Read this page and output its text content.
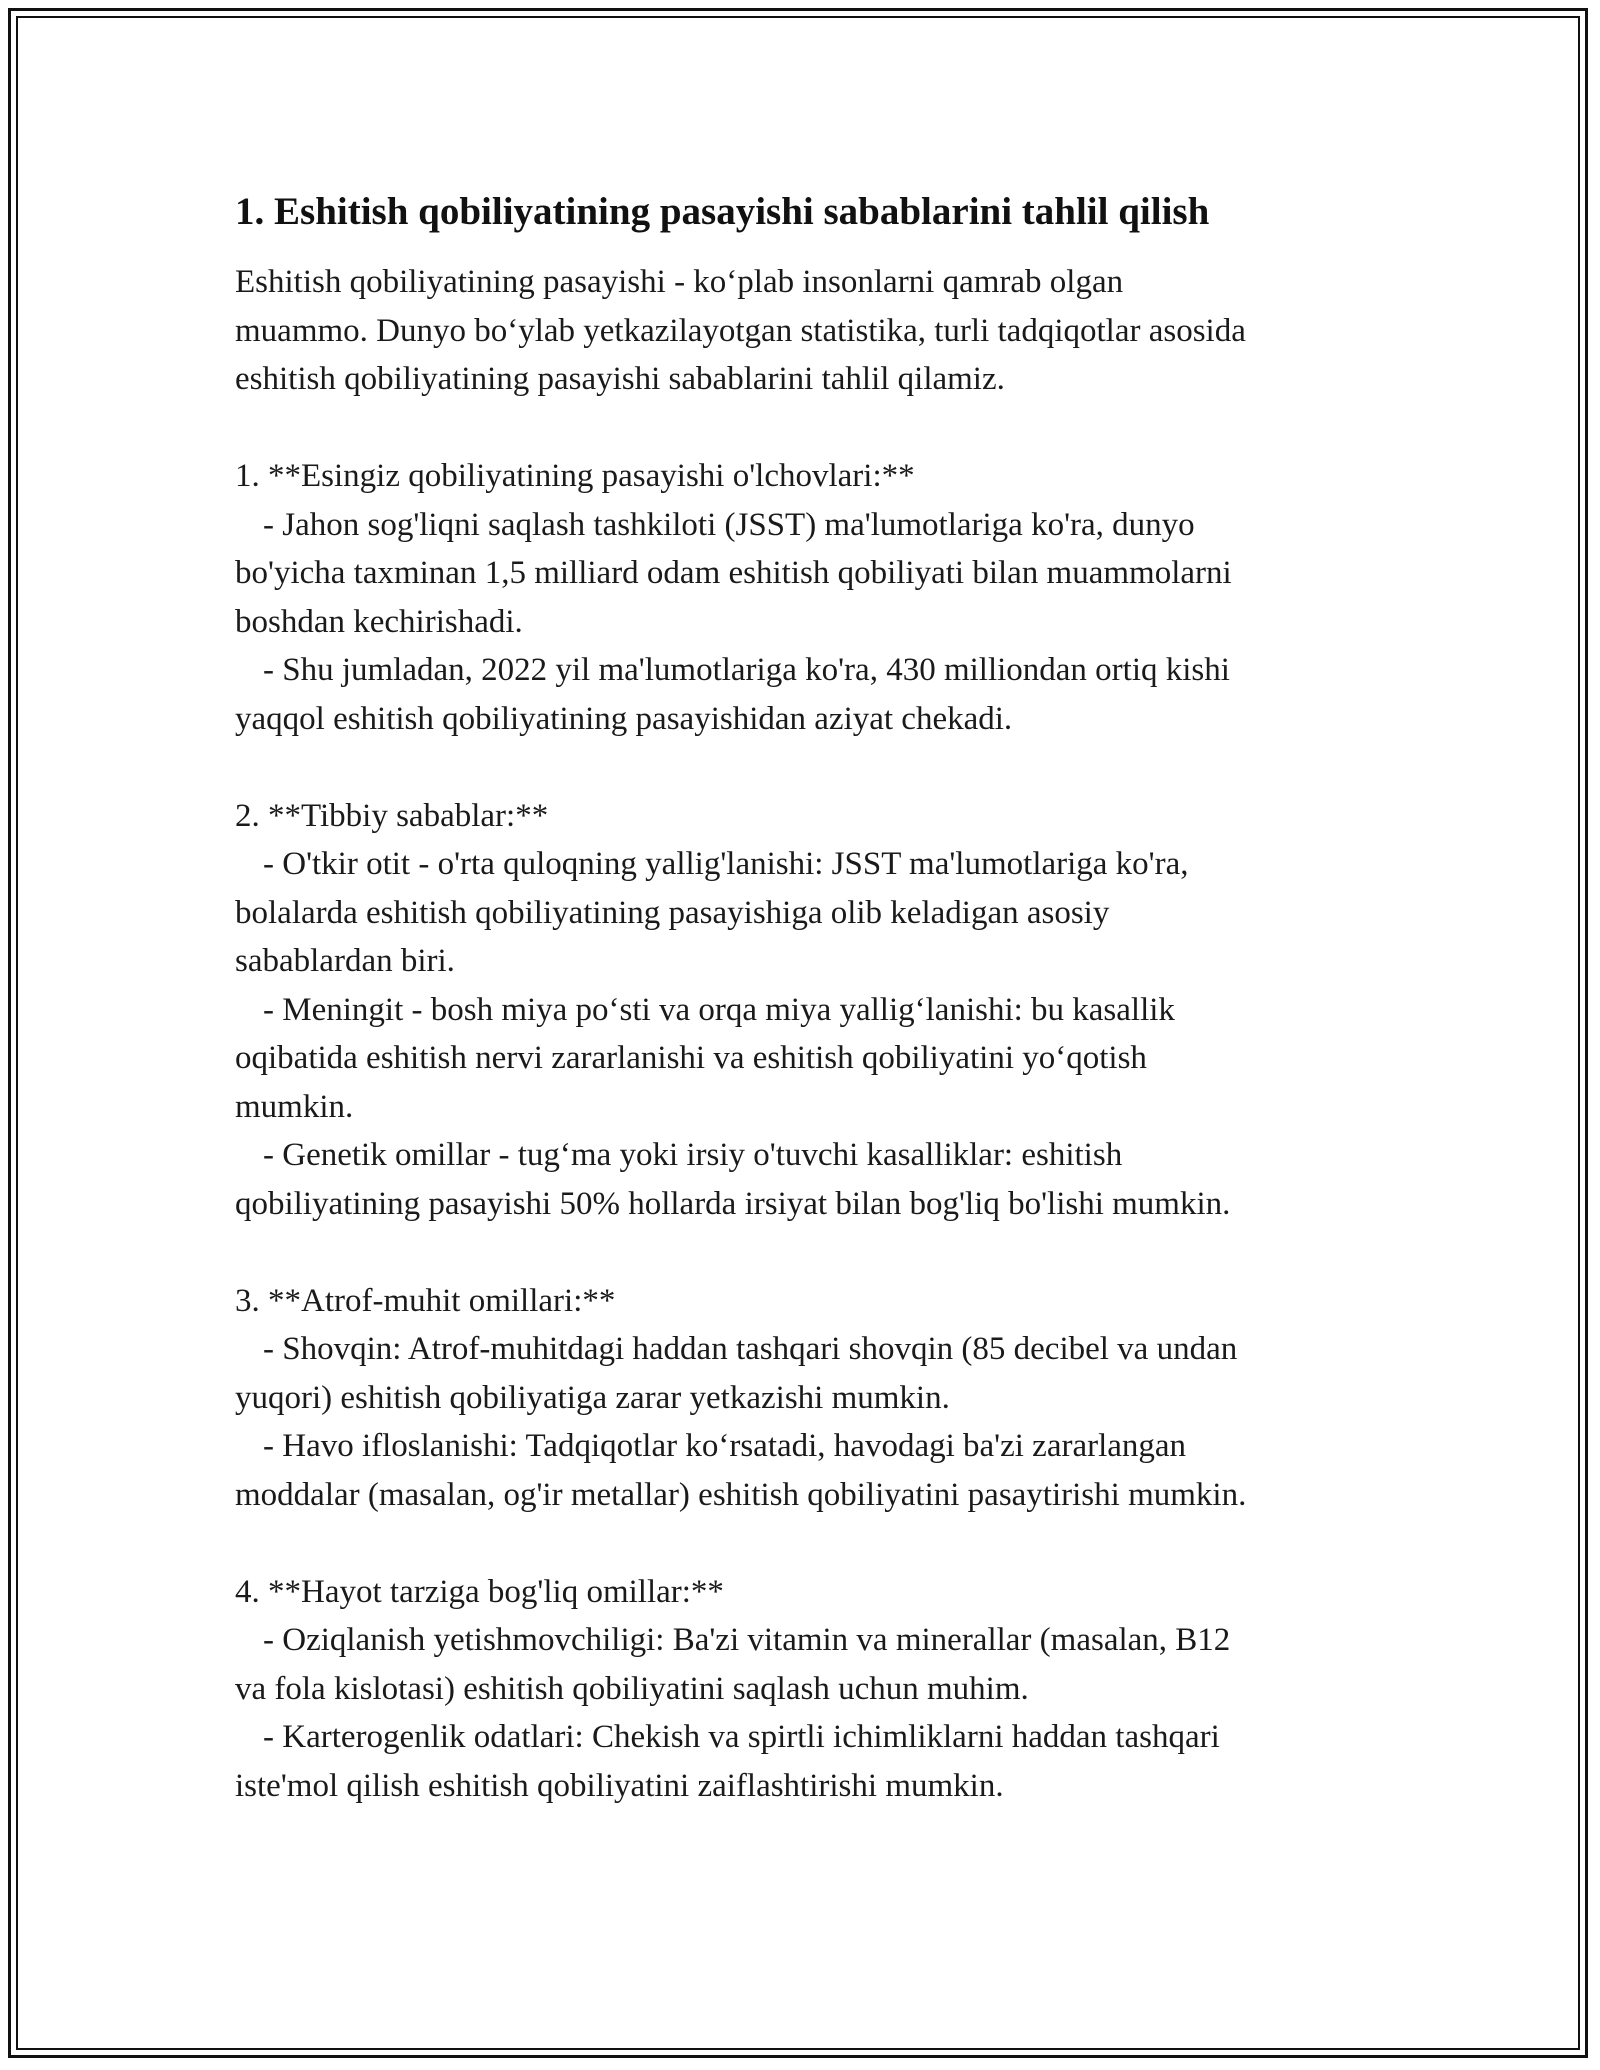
1. Eshitish qobiliyatining pasayishi sabablarini tahlil qilish

Eshitish qobiliyatining pasayishi - ko‘plab insonlarni qamrab olgan

muammo. Dunyo bo‘ylab yetkazilayotgan statistika, turli tadqiqotlar asosida

eshitish qobiliyatining pasayishi sabablarini tahlil qilamiz.

1. **Esingiz qobiliyatining pasayishi o'lchovlari:**

- Jahon sog'liqni saqlash tashkiloti (JSST) ma'lumotlariga ko'ra, dunyo

bo'yicha taxminan 1,5 milliard odam eshitish qobiliyati bilan muammolarni

boshdan kechirishadi.

- Shu jumladan, 2022 yil ma'lumotlariga ko'ra, 430 milliondan ortiq kishi

yaqqol eshitish qobiliyatining pasayishidan aziyat chekadi.

2. **Tibbiy sabablar:**

- O'tkir otit - o'rta quloqning yallig'lanishi: JSST ma'lumotlariga ko'ra,

bolalarda eshitish qobiliyatining pasayishiga olib keladigan asosiy

sabablardan biri.

- Meningit - bosh miya po‘sti va orqa miya yallig‘lanishi: bu kasallik

oqibatida eshitish nervi zararlanishi va eshitish qobiliyatini yo‘qotish

mumkin.

- Genetik omillar - tug‘ma yoki irsiy o'tuvchi kasalliklar: eshitish

qobiliyatining pasayishi 50% hollarda irsiyat bilan bog'liq bo'lishi mumkin.

3. **Atrof-muhit omillari:**

- Shovqin: Atrof-muhitdagi haddan tashqari shovqin (85 decibel va undan

yuqori) eshitish qobiliyatiga zarar yetkazishi mumkin.

- Havo ifloslanishi: Tadqiqotlar ko‘rsatadi, havodagi ba'zi zararlangan

moddalar (masalan, og'ir metallar) eshitish qobiliyatini pasaytirishi mumkin.

4. **Hayot tarziga bog'liq omillar:**

- Oziqlanish yetishmovchiligi: Ba'zi vitamin va minerallar (masalan, B12

va fola kislotasi) eshitish qobiliyatini saqlash uchun muhim.

- Karterogenlik odatlari: Chekish va spirtli ichimliklarni haddan tashqari

iste'mol qilish eshitish qobiliyatini zaiflashtirishi mumkin.
